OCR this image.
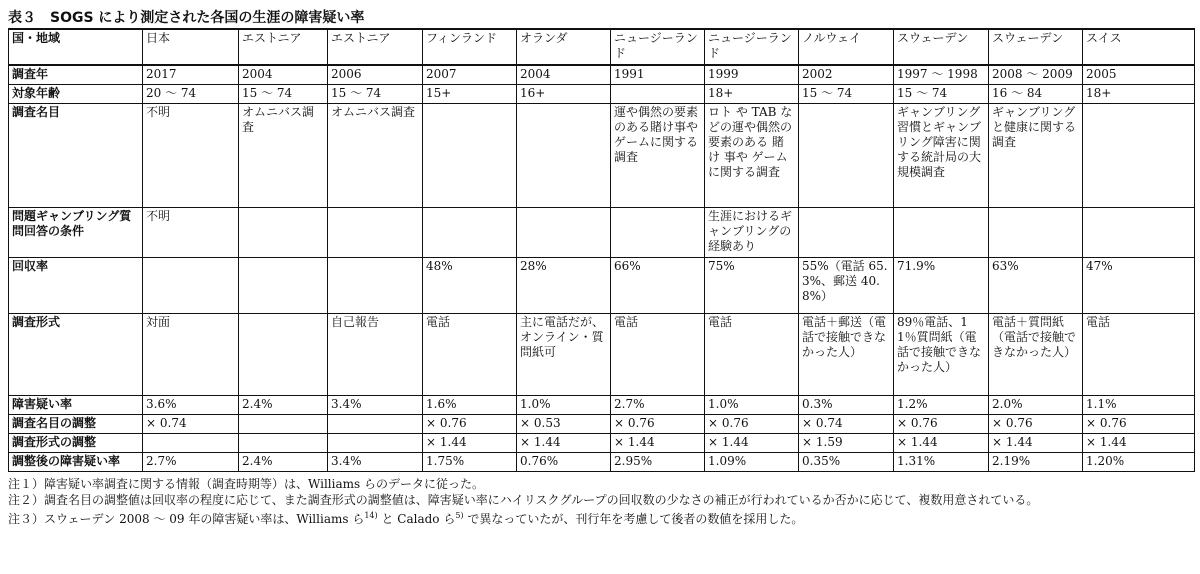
表３　SOGS により測定された各国の生涯の障害疑い率
国・地域	日本	エストニア	エストニア	フィンランド	オランダ	ニュージーランド	ニュージーランド	ノルウェイ	スウェーデン	スウェーデン	スイス
調査年	2017	2004	2006	2007	2004	1991	1999	2002	1997 ～ 1998	2008 ～ 2009	2005
対象年齢	20 ～ 74	15 ～ 74	15 ～ 74	15+	16+		18+	15 ～ 74	15 ～ 74	16 ～ 84	18+
調査名目	不明	オムニバス調査	オムニバス調査			運や偶然の要素のある賭け事やゲームに関する調査	ロト や TAB などの運や偶然の要素のある 賭け 事や ゲームに関する調査		ギャンブリング習慣とギャンブリング障害に関する統計局の大規模調査	ギャンブリングと健康に関する調査	
問題ギャンブリング質問回答の条件	不明						生涯におけるギャンブリングの経験あり				
回収率				48%	28%	66%	75%	55%（電話 65.3%、郵送 40.8%）	71.9%	63%	47%
調査形式	対面		自己報告	電話	主に電話だが、オンライン・質問紙可	電話	電話	電話＋郵送（電話で接触できなかった人）	89％電話、11％質問紙（電話で接触できなかった人）	電話＋質問紙（電話で接触できなかった人）	電話
障害疑い率	3.6%	2.4%	3.4%	1.6%	1.0%	2.7%	1.0%	0.3%	1.2%	2.0%	1.1%
調査名目の調整	× 0.74			× 0.76	× 0.53	× 0.76	× 0.76	× 0.74	× 0.76	× 0.76	× 0.76
調査形式の調整				× 1.44	× 1.44	× 1.44	× 1.44	× 1.59	× 1.44	× 1.44	× 1.44
調整後の障害疑い率	2.7%	2.4%	3.4%	1.75%	0.76%	2.95%	1.09%	0.35%	1.31%	2.19%	1.20%
注１）障害疑い率調査に関する情報（調査時期等）は、Williams らのデータに従った。
注２）調査名目の調整値は回収率の程度に応じて、また調査形式の調整値は、障害疑い率にハイリスクグループの回収数の少なさの補正が行われているか否かに応じて、複数用意されている。
注３）スウェーデン 2008 ～ 09 年の障害疑い率は、Williams ら$^{14)}$ と Calado ら$^{5)}$ で異なっていたが、刊行年を考慮して後者の数値を採用した。
